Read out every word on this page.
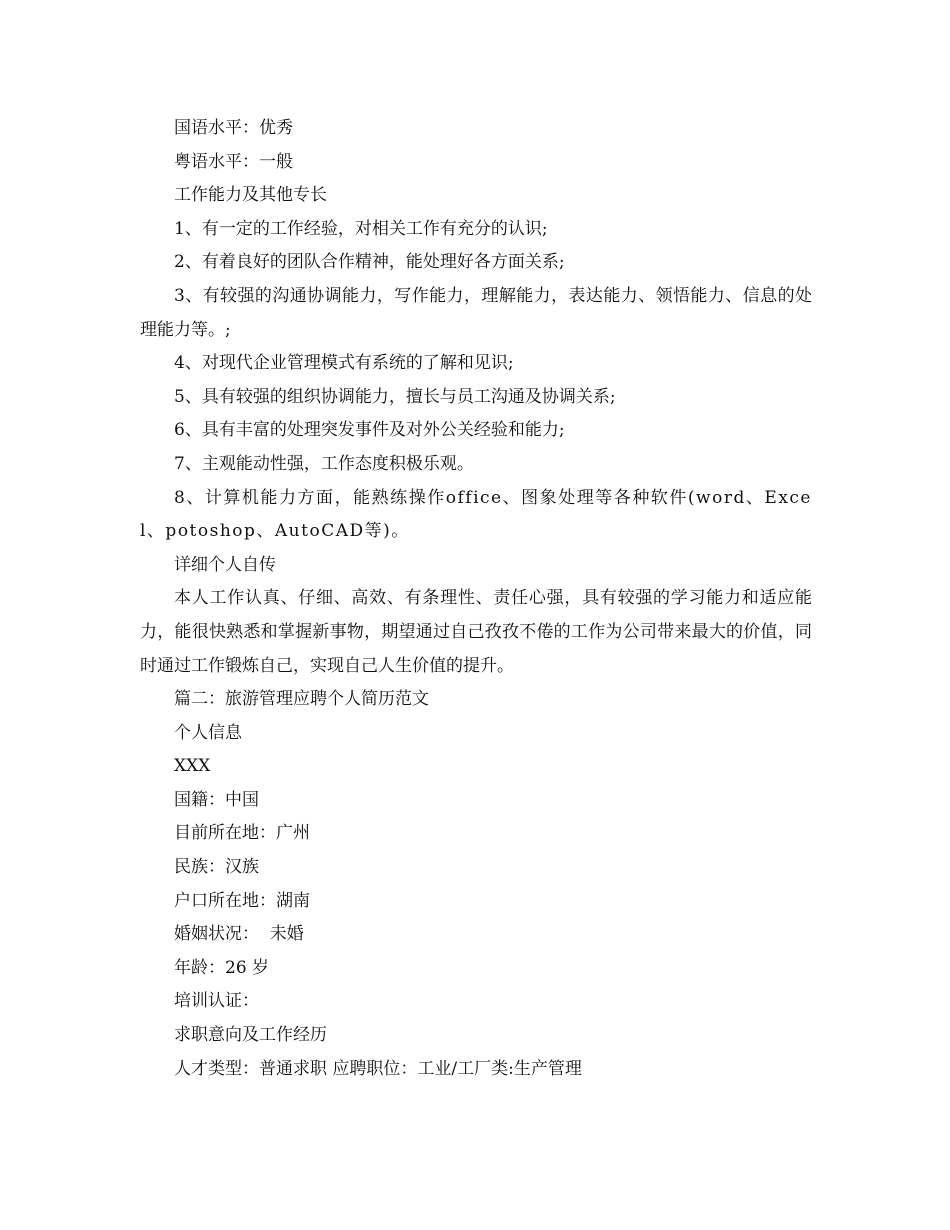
国语水平：优秀

粤语水平：一般

工作能力及其他专长

1、有一定的工作经验，对相关工作有充分的认识;

2、有着良好的团队合作精神，能处理好各方面关系;

3、有较强的沟通协调能力，写作能力，理解能力，表达能力、领悟能力、信息的处理能力等。;

4、对现代企业管理模式有系统的了解和见识;

5、具有较强的组织协调能力，擅长与员工沟通及协调关系;

6、具有丰富的处理突发事件及对外公关经验和能力;

7、主观能动性强，工作态度积极乐观。

8、计算机能力方面，能熟练操作office、图象处理等各种软件(word、Excel、potoshop、AutoCAD等)。

详细个人自传

本人工作认真、仔细、高效、有条理性、责任心强，具有较强的学习能力和适应能力，能很快熟悉和掌握新事物，期望通过自己孜孜不倦的工作为公司带来最大的价值，同时通过工作锻炼自己，实现自己人生价值的提升。

篇二：旅游管理应聘个人简历范文

个人信息

XXX

国籍：中国

目前所在地：广州

民族：汉族

户口所在地：湖南

婚姻状况：  未婚

年龄：26 岁

培训认证：

求职意向及工作经历

人才类型：普通求职 应聘职位：工业/工厂类:生产管理
